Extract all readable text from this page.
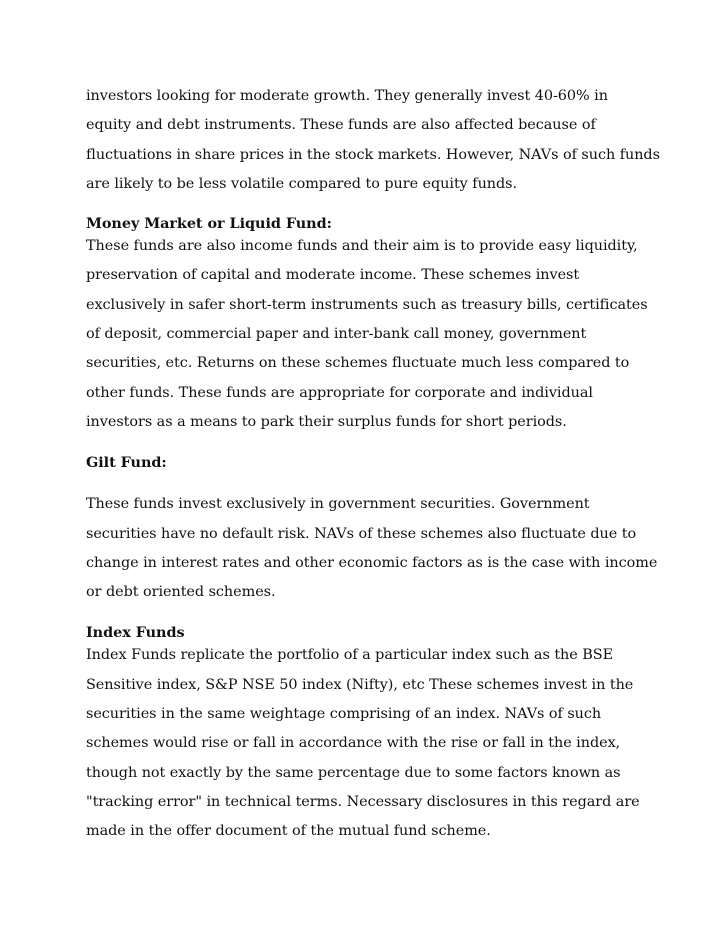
investors looking for moderate growth. They generally invest 40-60% in
equity and debt instruments. These funds are also affected because of
fluctuations in share prices in the stock markets. However, NAVs of such funds
are likely to be less volatile compared to pure equity funds.
Money Market or Liquid Fund:
These funds are also income funds and their aim is to provide easy liquidity,
preservation of capital and moderate income. These schemes invest
exclusively in safer short-term instruments such as treasury bills, certificates
of deposit, commercial paper and inter-bank call money, government
securities, etc. Returns on these schemes fluctuate much less compared to
other funds. These funds are appropriate for corporate and individual
investors as a means to park their surplus funds for short periods.
Gilt Fund:
These funds invest exclusively in government securities. Government
securities have no default risk. NAVs of these schemes also fluctuate due to
change in interest rates and other economic factors as is the case with income
or debt oriented schemes.
Index Funds
Index Funds replicate the portfolio of a particular index such as the BSE
Sensitive index, S&P NSE 50 index (Nifty), etc These schemes invest in the
securities in the same weightage comprising of an index. NAVs of such
schemes would rise or fall in accordance with the rise or fall in the index,
though not exactly by the same percentage due to some factors known as
"tracking error" in technical terms. Necessary disclosures in this regard are
made in the offer document of the mutual fund scheme.
